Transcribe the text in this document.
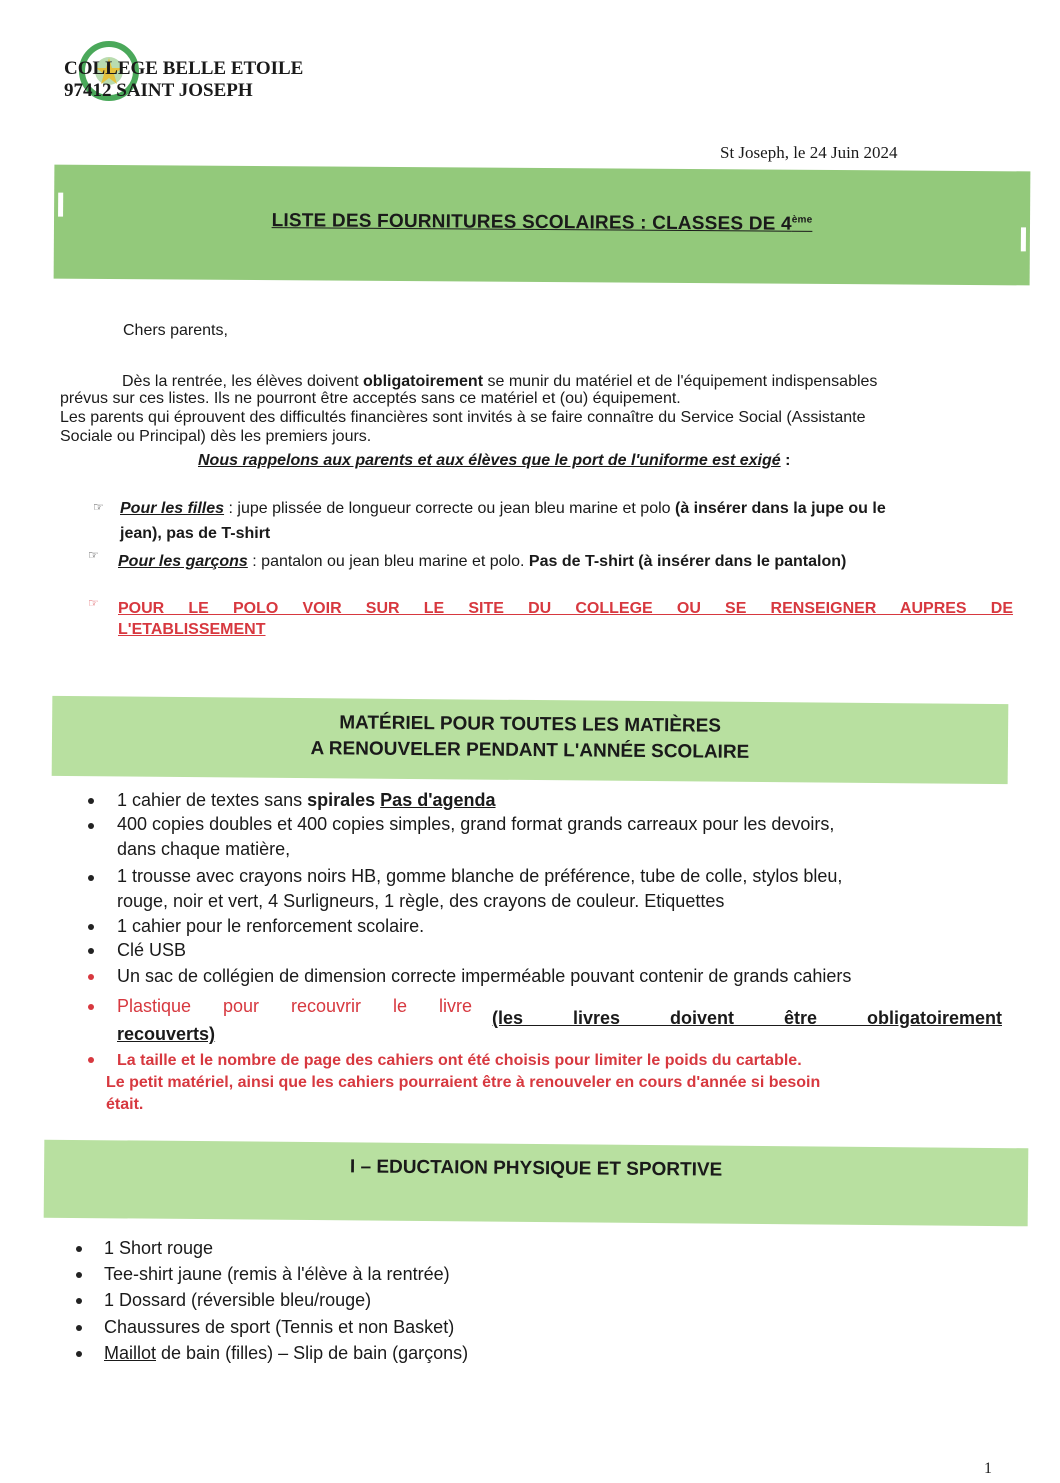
COLLEGE BELLE ETOILE
97412 SAINT JOSEPH
St Joseph, le 24 Juin 2024
LISTE DES FOURNITURES SCOLAIRES : CLASSES DE 4ème
Chers parents,
Dès la rentrée, les élèves doivent obligatoirement se munir du matériel et de l'équipement indispensables
prévus sur ces listes. Ils ne pourront être acceptés sans ce matériel et (ou) équipement.
Les parents qui éprouvent des difficultés financières sont invités à se faire connaître du Service Social (Assistante
Sociale ou Principal) dès les premiers jours.
Nous rappelons aux parents et aux élèves que le port de l'uniforme est exigé :
☞ Pour les filles : jupe plissée de longueur correcte ou jean bleu marine et polo (à insérer dans la jupe ou le
jean), pas de T-shirt
☞ Pour les garçons : pantalon ou jean bleu marine et polo. Pas de T-shirt (à insérer dans le pantalon)
☞ POUR LE POLO VOIR SUR LE SITE DU COLLEGE OU SE RENSEIGNER AUPRES DE
L'ETABLISSEMENT
MATÉRIEL POUR TOUTES LES MATIÈRES
A RENOUVELER PENDANT L'ANNÉE SCOLAIRE
1 cahier de textes sans spirales Pas d'agenda
400 copies doubles et 400 copies simples, grand format grands carreaux pour les devoirs,
dans chaque matière,
1 trousse avec crayons noirs HB, gomme blanche de préférence, tube de colle, stylos bleu,
rouge, noir et vert, 4 Surligneurs, 1 règle, des crayons de couleur. Etiquettes
1 cahier pour le renforcement scolaire.
Clé USB
Un sac de collégien de dimension correcte imperméable pouvant contenir de grands cahiers
Plastique pour recouvrir le livre
(les livres doivent être obligatoirement
recouverts)
La taille et le nombre de page des cahiers ont été choisis pour limiter le poids du cartable.
Le petit matériel, ainsi que les cahiers pourraient être à renouveler en cours d'année si besoin
était.
I – EDUCTAION PHYSIQUE ET SPORTIVE
1 Short rouge
Tee-shirt jaune (remis à l'élève à la rentrée)
1 Dossard (réversible bleu/rouge)
Chaussures de sport (Tennis et non Basket)
Maillot de bain (filles) – Slip de bain (garçons)
1
